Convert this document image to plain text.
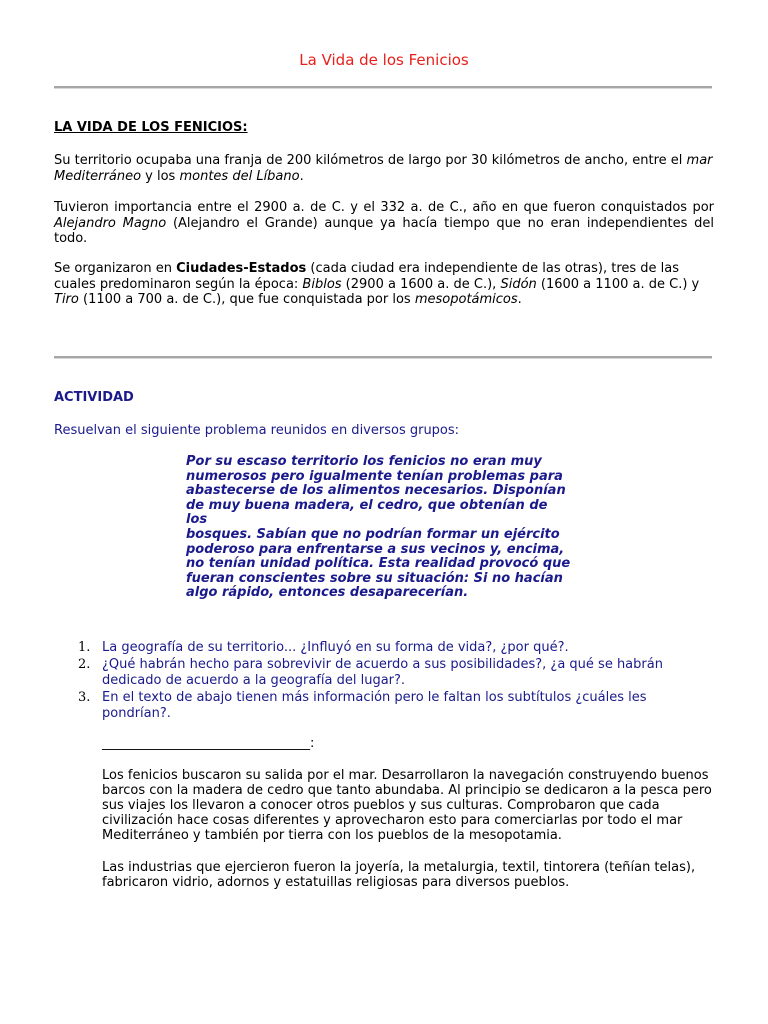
La Vida de los Fenicios

LA VIDA DE LOS FENICIOS:

Su territorio ocupaba una franja de 200 kilómetros de largo por 30 kilómetros de ancho, entre el mar Mediterráneo y los montes del Líbano.

Tuvieron importancia entre el 2900 a. de C. y el 332 a. de C., año en que fueron conquistados por Alejandro Magno (Alejandro el Grande) aunque ya hacía tiempo que no eran independientes del todo.

Se organizaron en Ciudades-Estados (cada ciudad era independiente de las otras), tres de las cuales predominaron según la época: Biblos (2900 a 1600 a. de C.), Sidón (1600 a 1100 a. de C.) y Tiro (1100 a 700 a. de C.), que fue conquistada por los mesopotámicos.

ACTIVIDAD

Resuelvan el siguiente problema reunidos en diversos grupos:

Por su escaso territorio los fenicios no eran muy
numerosos pero igualmente tenían problemas para
abastecerse de los alimentos necesarios. Disponían
de muy buena madera, el cedro, que obtenían de los
bosques. Sabían que no podrían formar un ejército
poderoso para enfrentarse a sus vecinos y, encima,
no tenían unidad política. Esta realidad provocó que
fueran conscientes sobre su situación: Si no hacían
algo rápido, entonces desaparecerían.

1. La geografía de su territorio... ¿Influyó en su forma de vida?, ¿por qué?.
2. ¿Qué habrán hecho para sobrevivir de acuerdo a sus posibilidades?, ¿a qué se habrán dedicado de acuerdo a la geografía del lugar?.
3. En el texto de abajo tienen más información pero le faltan los subtítulos ¿cuáles les pondrían?.

________________________________:

Los fenicios buscaron su salida por el mar. Desarrollaron la navegación construyendo buenos barcos con la madera de cedro que tanto abundaba. Al principio se dedicaron a la pesca pero sus viajes los llevaron a conocer otros pueblos y sus culturas. Comprobaron que cada civilización hace cosas diferentes y aprovecharon esto para comerciarlas por todo el mar Mediterráneo y también por tierra con los pueblos de la mesopotamia.

Las industrias que ejercieron fueron la joyería, la metalurgia, textil, tintorera (teñían telas), fabricaron vidrio, adornos y estatuillas religiosas para diversos pueblos.
